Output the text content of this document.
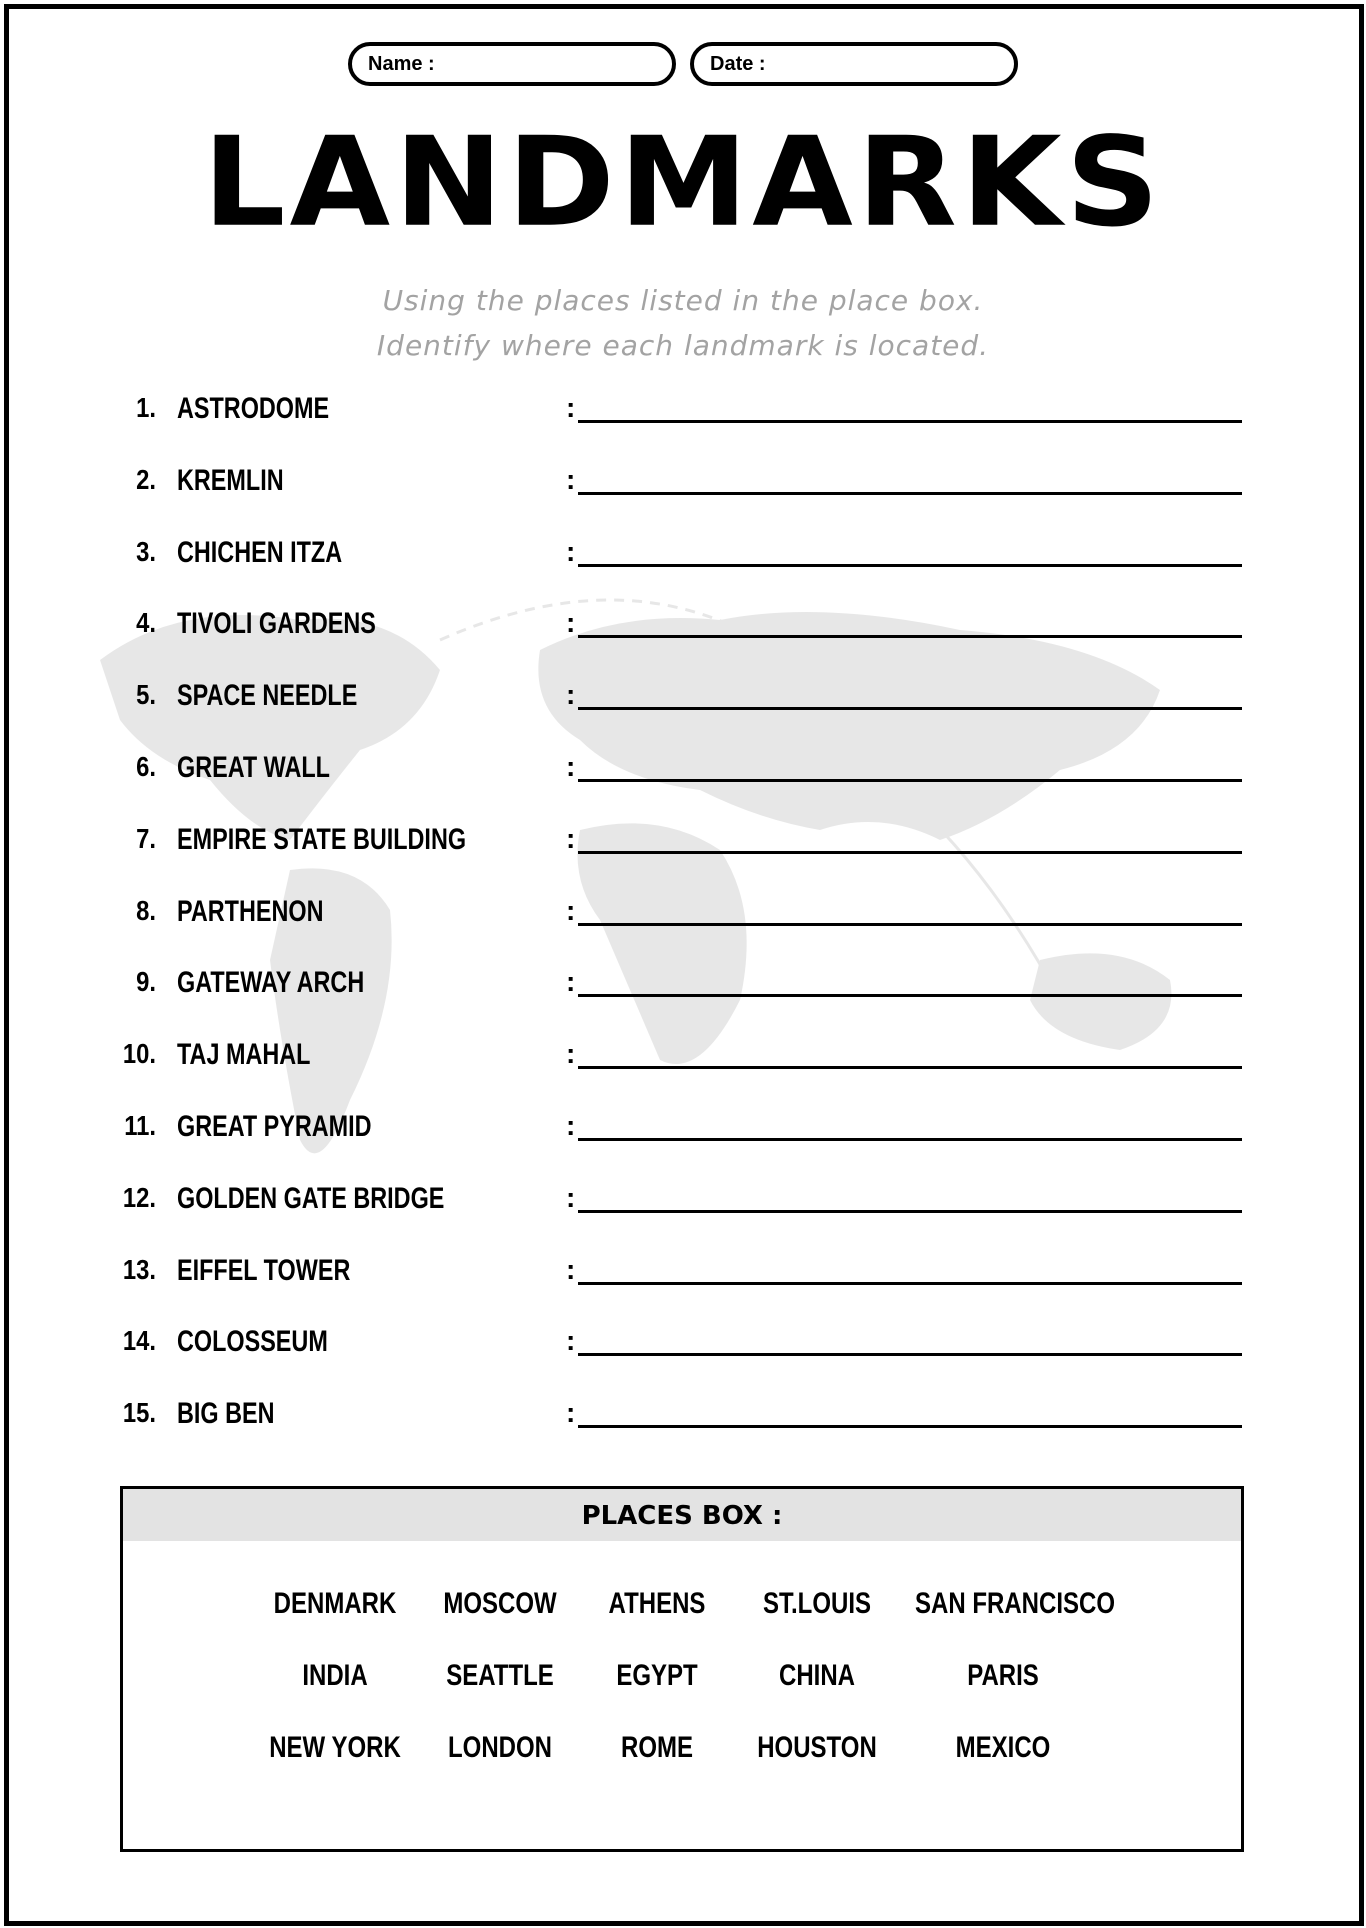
Name :	Date :
LANDMARKS
Using the places listed in the place box.
Identify where each landmark is located.
1. ASTRODOME	:
2. KREMLIN	:
3. CHICHEN ITZA	:
4. TIVOLI GARDENS	:
5. SPACE NEEDLE	:
6. GREAT WALL	:
7. EMPIRE STATE BUILDING	:
8. PARTHENON	:
9. GATEWAY ARCH	:
10. TAJ MAHAL	:
11. GREAT PYRAMID	:
12. GOLDEN GATE BRIDGE	:
13. EIFFEL TOWER	:
14. COLOSSEUM	:
15. BIG BEN	:
PLACES BOX :
DENMARK	MOSCOW	ATHENS	ST.LOUIS	SAN FRANCISCO
INDIA	SEATTLE	EGYPT	CHINA	PARIS
NEW YORK	LONDON	ROME	HOUSTON	MEXICO
